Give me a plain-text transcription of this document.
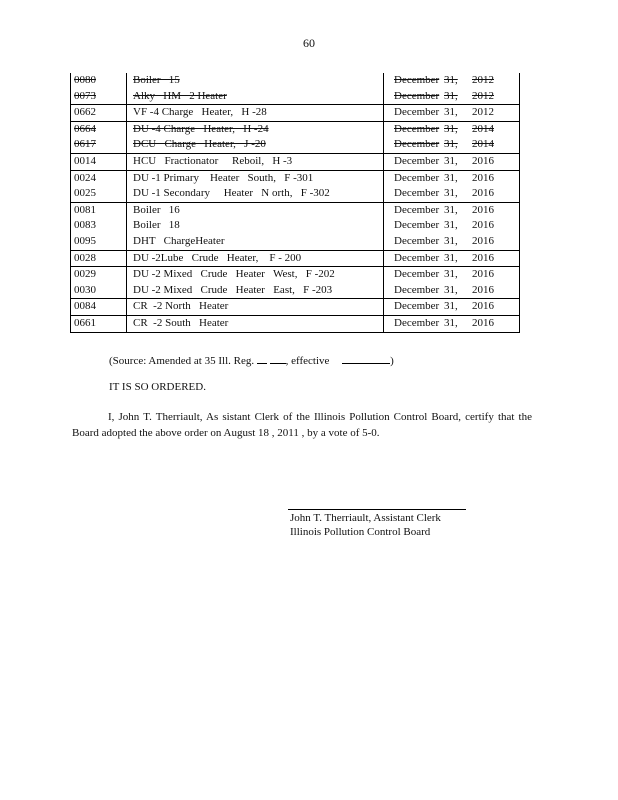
60
0080	Boiler   15	December 31, 2012
0073	Alky   HM   2 Heater	December 31, 2012
0662	VF -4 Charge   Heater,   H -28	December 31, 2012
0664	DU -4 Charge   Heater,   H -24	December 31, 2014
0617	DCU   Charge   Heater,   J -20	December 31, 2014
0014	HCU   Fractionator     Reboil,   H -3	December 31, 2016
0024	DU -1 Primary    Heater   South,   F -301	December 31, 2016
0025	DU -1 Secondary     Heater   N orth,   F -302	December 31, 2016
0081	Boiler   16	December 31, 2016
0083	Boiler   18	December 31, 2016
0095	DHT   ChargeHeater	December 31, 2016
0028	DU -2Lube   Crude   Heater,    F - 200	December 31, 2016
0029	DU -2 Mixed   Crude   Heater   West,   F -202	December 31, 2016
0030	DU -2 Mixed   Crude   Heater   East,   F -203	December 31, 2016
0084	CR  -2 North   Heater	December 31, 2016
0661	CR  -2 South   Heater	December 31, 2016
(Source: Amended at 35 Ill. Reg.	, effective	)
IT IS SO ORDERED.

I, John T. Therriault, As sistant Clerk of the Illinois Pollution Control Board, certify that the Board adopted the above order on August 18 , 2011 , by a vote of 5-0.

John T. Therriault, Assistant Clerk
Illinois Pollution Control Board
